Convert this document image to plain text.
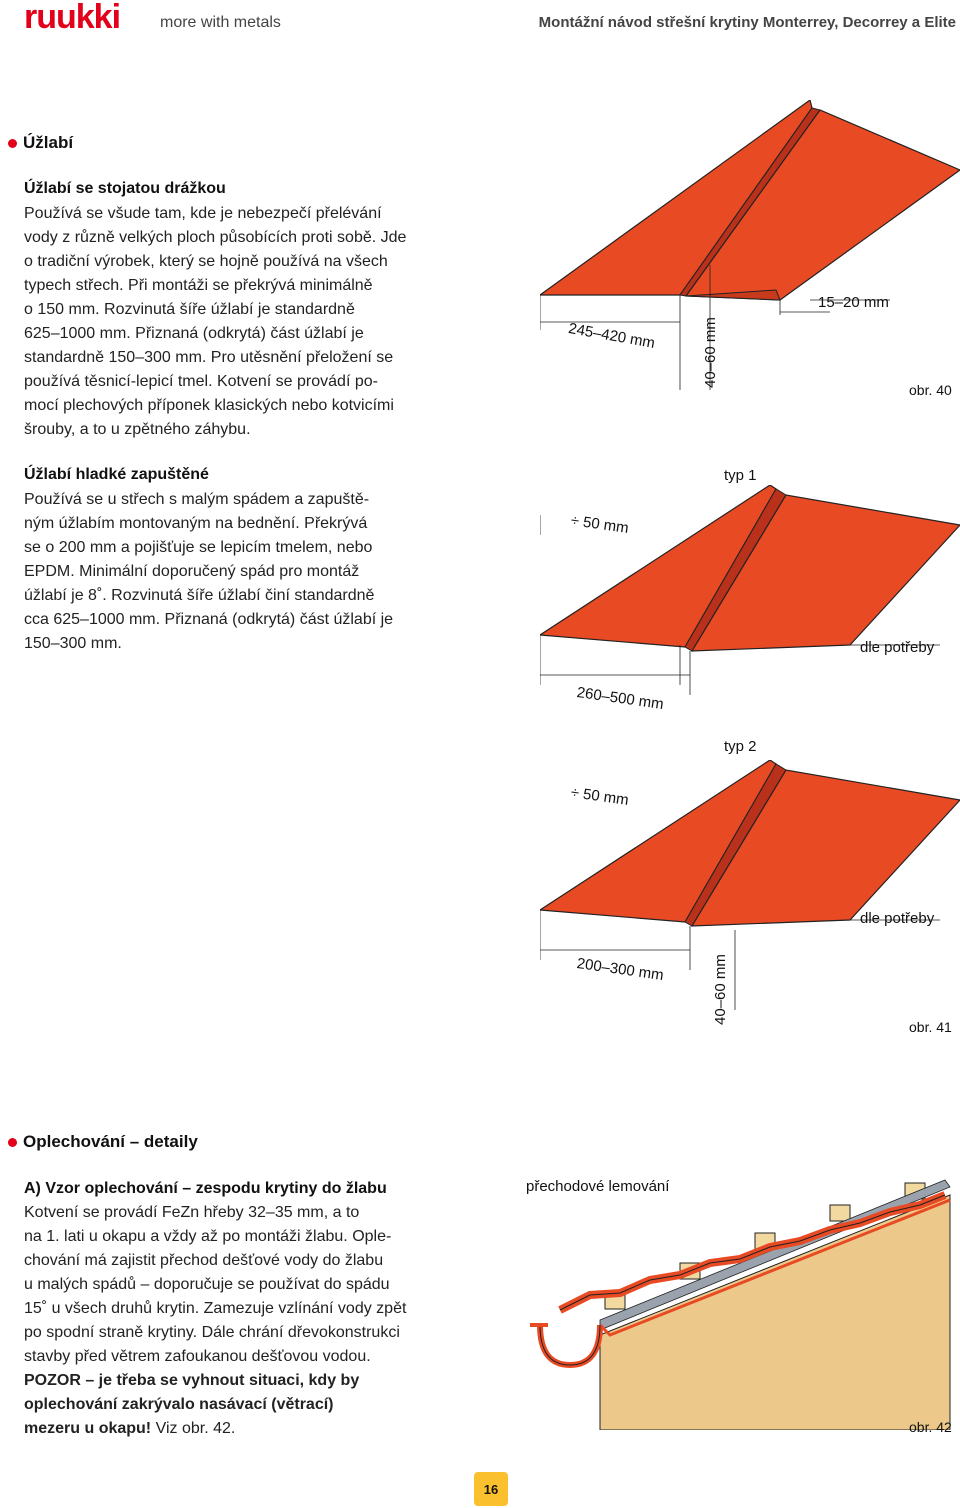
ruukki more with metals	Montážní návod střešní krytiny Monterrey, Decorrey a Elite
Úžlabí
Úžlabí se stojatou drážkou

Používá se všude tam, kde je nebezpečí přelévání

vody z různě velkých ploch působících proti sobě. Jde

o tradiční výrobek, který se hojně používá na všech

typech střech. Při montáži se překrývá minimálně

o 150 mm. Rozvinutá šíře úžlabí je standardně

625–1000 mm. Přiznaná (odkrytá) část úžlabí je

standardně 150–300 mm. Pro utěsnění přeložení se

používá těsnicí-lepicí tmel. Kotvení se provádí po-

mocí plechových příponek klasických nebo kotvicími

šrouby, a to u zpětného záhybu.

Úžlabí hladké zapuštěné

Používá se u střech s malým spádem a zapuště-

ným úžlabím montovaným na bednění. Překrývá

se o 200 mm a pojišťuje se lepicím tmelem, nebo

EPDM. Minimální doporučený spád pro montáž

úžlabí je 8˚. Rozvinutá šíře úžlabí činí standardně

cca 625–1000 mm. Přiznaná (odkrytá) část úžlabí je

150–300 mm.

245–420 mm	40–60 mm
15–20 mm
obr. 40
typ 1
÷ 50 mm
dle potřeby
260–500 mm
typ 2
÷ 50 mm
dle potřeby
200–300 mm	40–60 mm
obr. 41
Oplechování – detaily
A) Vzor oplechování – zespodu krytiny do žlabu

Kotvení se provádí FeZn hřeby 32–35 mm, a to

na 1. lati u okapu a vždy až po montáži žlabu. Ople-

chování má zajistit přechod dešťové vody do žlabu

u malých spádů – doporučuje se používat do spádu

15˚ u všech druhů krytin. Zamezuje vzlínání vody zpět

po spodní straně krytiny. Dále chrání dřevokonstrukci

stavby před větrem zafoukanou dešťovou vodou.

POZOR – je třeba se vyhnout situaci, kdy by

oplechování zakrývalo nasávací (větrací)

mezeru u okapu! Viz obr. 42.

přechodové lemování
obr. 42
16
